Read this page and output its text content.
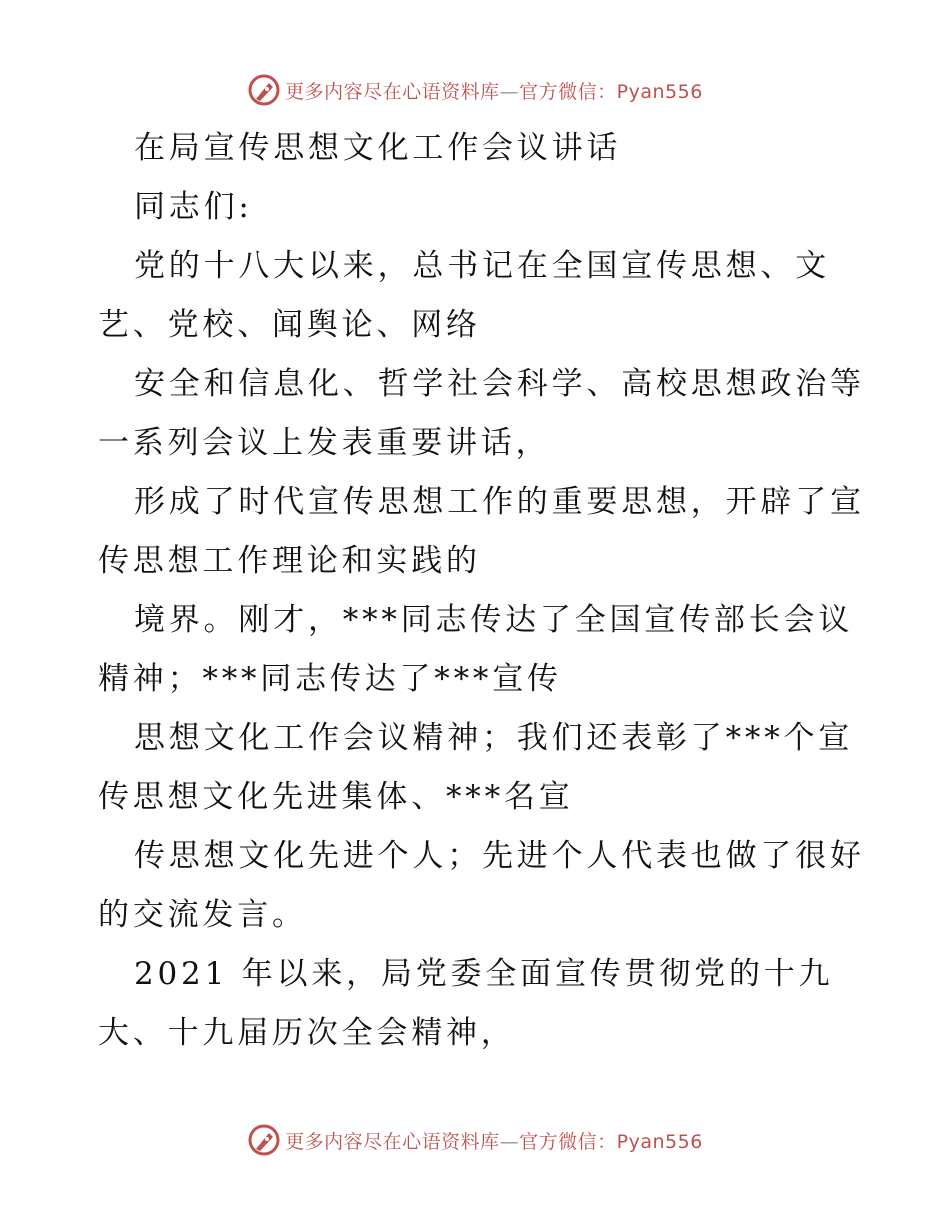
更多内容尽在心语资料库—官方微信：Pyan556
在局宣传思想文化工作会议讲话
同志们:
党的十八大以来，总书记在全国宣传思想、文
艺、党校、闻舆论、网络
安全和信息化、哲学社会科学、高校思想政治等
一系列会议上发表重要讲话，
形成了时代宣传思想工作的重要思想，开辟了宣
传思想工作理论和实践的
境界。刚才，***同志传达了全国宣传部长会议
精神；***同志传达了***宣传
思想文化工作会议精神；我们还表彰了***个宣
传思想文化先进集体、***名宣
传思想文化先进个人；先进个人代表也做了很好
的交流发言。
2021 年以来，局党委全面宣传贯彻党的十九
大、十九届历次全会精神，
更多内容尽在心语资料库—官方微信：Pyan556
